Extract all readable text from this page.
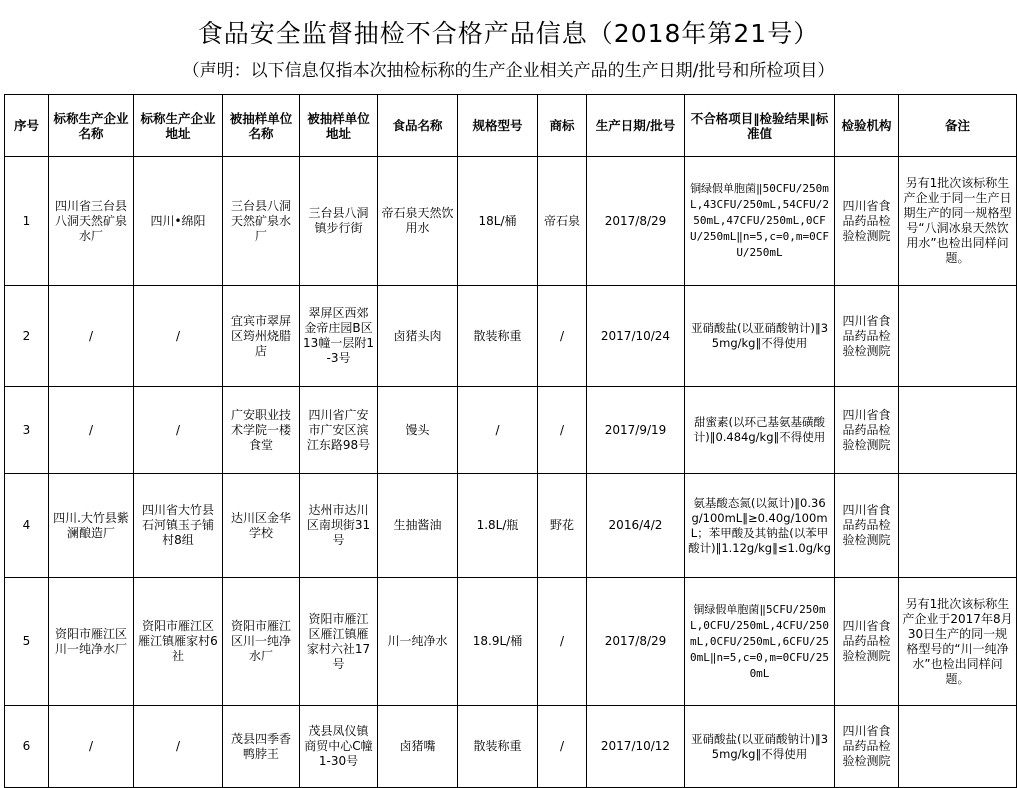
食品安全监督抽检不合格产品信息（2018年第21号）
（声明：以下信息仅指本次抽检标称的生产企业相关产品的生产日期/批号和所检项目）
序号	标称生产企业名称	标称生产企业地址	被抽样单位名称	被抽样单位地址	食品名称	规格型号	商标	生产日期/批号	不合格项目‖检验结果‖标准值	检验机构	备注
1	四川省三台县八洞天然矿泉水厂	四川•绵阳	三台县八洞天然矿泉水厂	三台县八洞镇步行街	帝石泉天然饮用水	18L/桶	帝石泉	2017/8/29	铜绿假单胞菌‖50CFU/250mL,43CFU/250mL,54CFU/250mL,47CFU/250mL,0CFU/250mL‖n=5,c=0,m=0CFU/250mL	四川省食品药品检验检测院	另有1批次该标称生产企业于同一生产日期生产的同一规格型号“八洞冰泉天然饮用水”也检出同样问题。
2	/	/	宜宾市翠屏区筠州烧腊店	翠屏区西郊金帝庄园B区13幢一层附1-3号	卤猪头肉	散装称重	/	2017/10/24	亚硝酸盐(以亚硝酸钠计)‖35mg/kg‖不得使用	四川省食品药品检验检测院	
3	/	/	广安职业技术学院一楼食堂	四川省广安市广安区滨江东路98号	馒头	/	/	2017/9/19	甜蜜素(以环己基氨基磺酸计)‖0.484g/kg‖不得使用	四川省食品药品检验检测院	
4	四川.大竹县紫澜酿造厂	四川省大竹县石河镇玉子铺村8组	达川区金华学校	达州市达川区南坝街31号	生抽酱油	1.8L/瓶	野花	2016/4/2	氨基酸态氮(以氮计)‖0.36g/100mL‖≥0.40g/100mL；苯甲酸及其钠盐(以苯甲酸计)‖1.12g/kg‖≤1.0g/kg	四川省食品药品检验检测院	
5	资阳市雁江区川一纯净水厂	资阳市雁江区雁江镇雁家村6社	资阳市雁江区川一纯净水厂	资阳市雁江区雁江镇雁家村六社17号	川一纯净水	18.9L/桶	/	2017/8/29	铜绿假单胞菌‖5CFU/250mL,0CFU/250mL,4CFU/250mL,0CFU/250mL,6CFU/250mL‖n=5,c=0,m=0CFU/250mL	四川省食品药品检验检测院	另有1批次该标称生产企业于2017年8月30日生产的同一规格型号的“川一纯净水”也检出同样问题。
6	/	/	茂县四季香鸭脖王	茂县凤仪镇商贸中心C幢1-30号	卤猪嘴	散装称重	/	2017/10/12	亚硝酸盐(以亚硝酸钠计)‖35mg/kg‖不得使用	四川省食品药品检验检测院	
